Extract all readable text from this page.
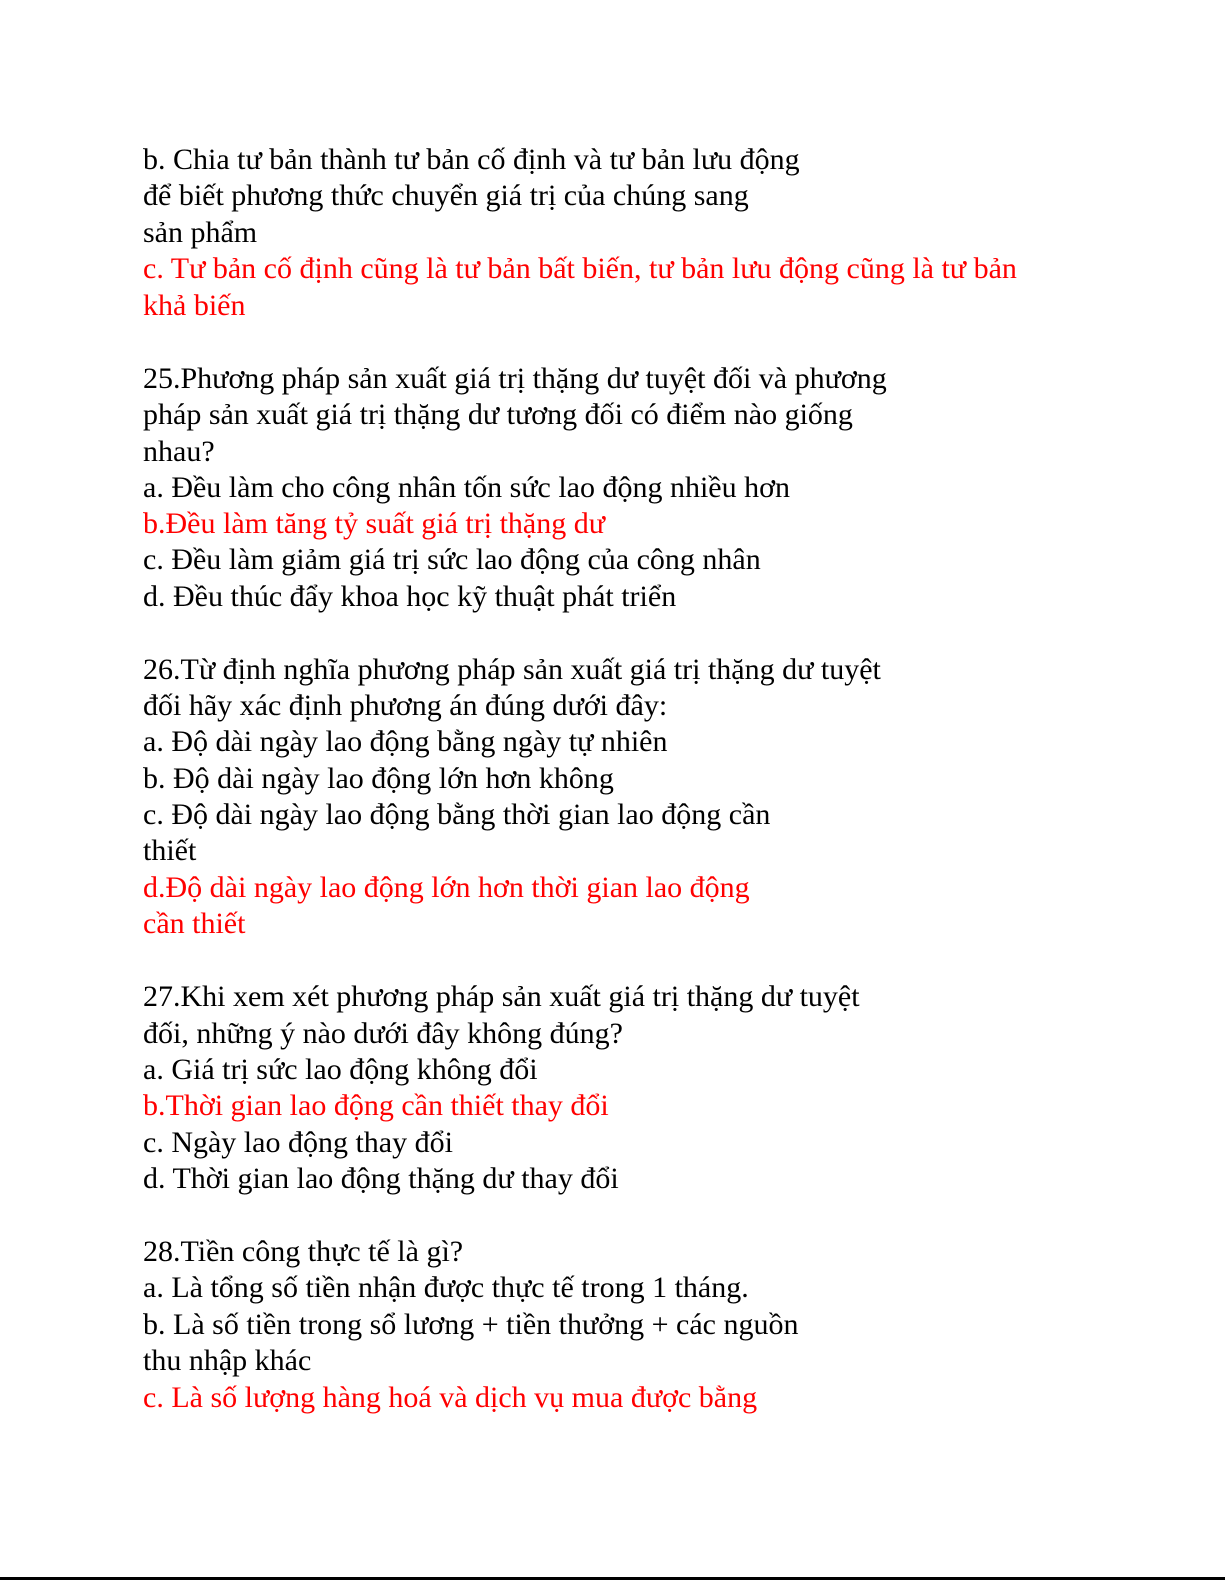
b. Chia tư bản thành tư bản cố định và tư bản lưu động
để biết phương thức chuyển giá trị của chúng sang
sản phẩm
c. Tư bản cố định cũng là tư bản bất biến, tư bản lưu động cũng là tư bản
khả biến
25.Phương pháp sản xuất giá trị thặng dư tuyệt đối và phương
pháp sản xuất giá trị thặng dư tương đối có điểm nào giống
nhau?
a. Đều làm cho công nhân tốn sức lao động nhiều hơn
b.Đều làm tăng tỷ suất giá trị thặng dư
c. Đều làm giảm giá trị sức lao động của công nhân
d. Đều thúc đẩy khoa học kỹ thuật phát triển
26.Từ định nghĩa phương pháp sản xuất giá trị thặng dư tuyệt
đối hãy xác định phương án đúng dưới đây:
a. Độ dài ngày lao động bằng ngày tự nhiên
b. Độ dài ngày lao động lớn hơn không
c. Độ dài ngày lao động bằng thời gian lao động cần
thiết
d.Độ dài ngày lao động lớn hơn thời gian lao động
cần thiết
27.Khi xem xét phương pháp sản xuất giá trị thặng dư tuyệt
đối, những ý nào dưới đây không đúng?
a. Giá trị sức lao động không đổi
b.Thời gian lao động cần thiết thay đổi
c. Ngày lao động thay đổi
d. Thời gian lao động thặng dư thay đổi
28.Tiền công thực tế là gì?
a. Là tổng số tiền nhận được thực tế trong 1 tháng.
b. Là số tiền trong sổ lương + tiền thưởng + các nguồn
thu nhập khác
c. Là số lượng hàng hoá và dịch vụ mua được bằng
